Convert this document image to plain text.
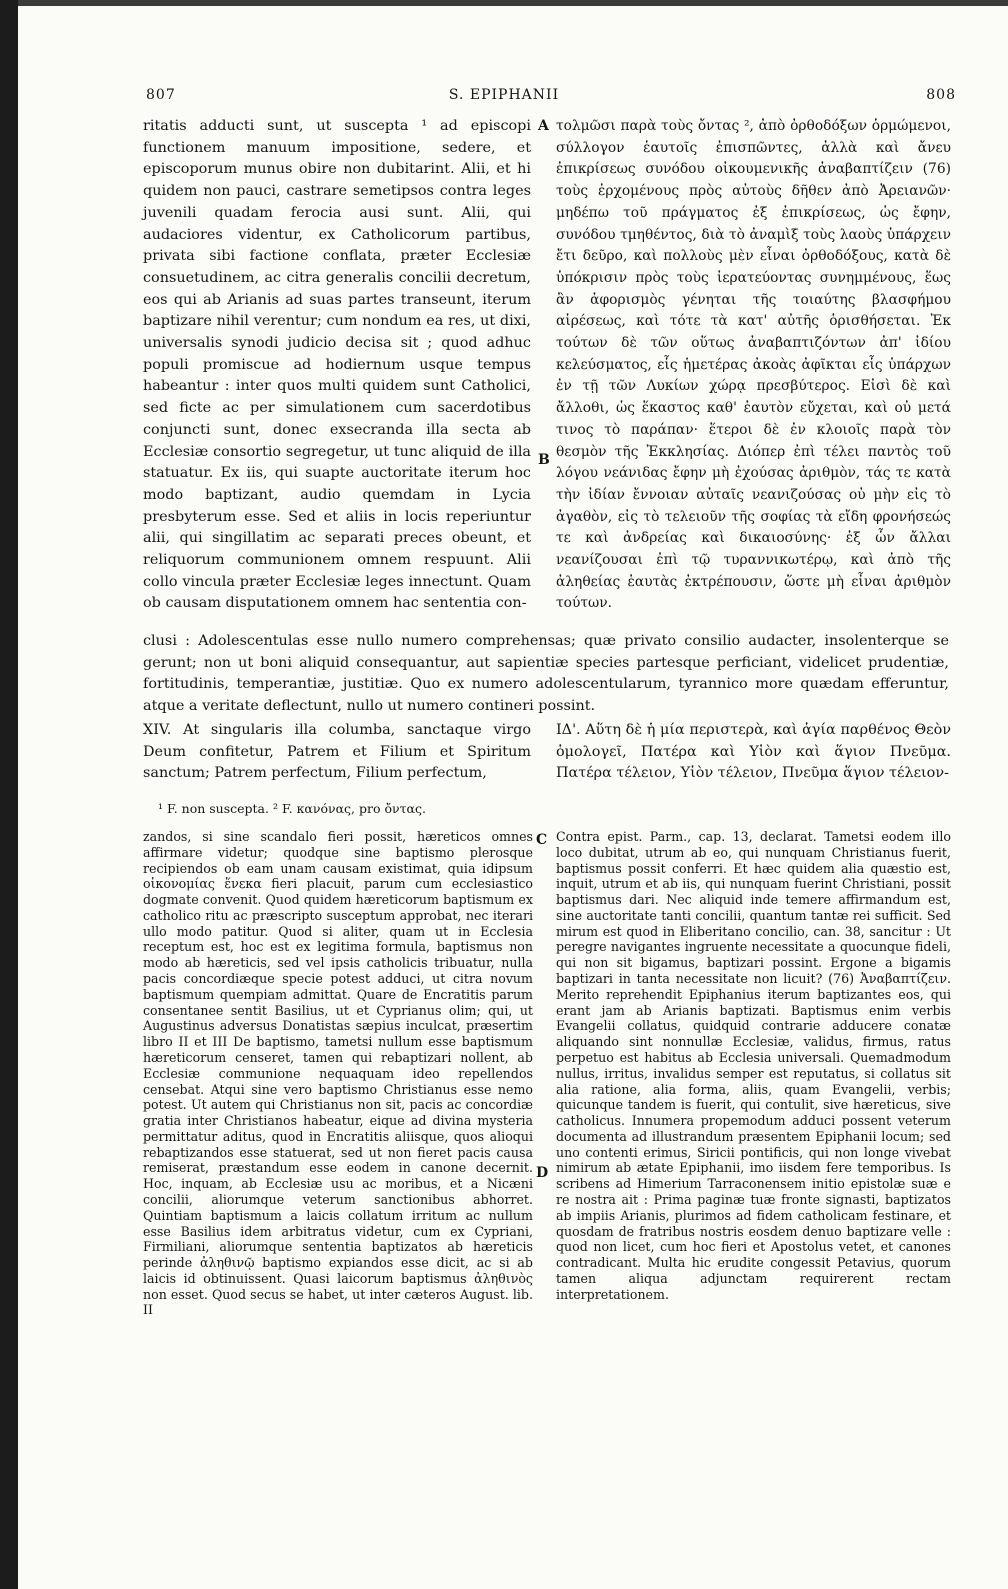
807	S. EPIPHANII	808
A
B
C
D

ritatis adducti sunt, ut suscepta ¹ ad episcopi functionem manuum impositione, sedere, et episcoporum munus obire non dubitarint. Alii, et hi quidem non pauci, castrare semetipsos contra leges juvenili quadam ferocia ausi sunt. Alii, qui audaciores videntur, ex Catholicorum partibus, privata sibi factione conflata, præter Ecclesiæ consuetudinem, ac citra generalis concilii decretum, eos qui ab Arianis ad suas partes transeunt, iterum baptizare nihil verentur; cum nondum ea res, ut dixi, universalis synodi judicio decisa sit ; quod adhuc populi promiscue ad hodiernum usque tempus habeantur : inter quos multi quidem sunt Catholici, sed ficte ac per simulationem cum sacerdotibus conjuncti sunt, donec exsecranda illa secta ab Ecclesiæ consortio segregetur, ut tunc aliquid de illa statuatur. Ex iis, qui suapte auctoritate iterum hoc modo baptizant, audio quemdam in Lycia presbyterum esse. Sed et aliis in locis reperiuntur alii, qui singillatim ac separati preces obeunt, et reliquorum communionem omnem respuunt. Alii collo vincula præter Ecclesiæ leges innectunt. Quam ob causam disputationem omnem hac sententia con-

τολμῶσι παρὰ τοὺς ὄντας ², ἀπὸ ὀρθοδόξων ὁρμώμενοι, σύλλογον ἑαυτοῖς ἐπισπῶντες, ἀλλὰ καὶ ἄνευ ἐπικρίσεως συνόδου οἰκουμενικῆς ἀναβαπτίζειν (76) τοὺς ἐρχομένους πρὸς αὐτοὺς δῆθεν ἀπὸ Ἀρειανῶν· μηδέπω τοῦ πράγματος ἐξ ἐπικρίσεως, ὡς ἔφην, συνόδου τμηθέντος, διὰ τὸ ἀναμὶξ τοὺς λαοὺς ὑπάρχειν ἔτι δεῦρο, καὶ πολλοὺς μὲν εἶναι ὀρθοδόξους, κατὰ δὲ ὑπόκρισιν πρὸς τοὺς ἱερατεύοντας συνημμένους, ἕως ἂν ἀφορισμὸς γένηται τῆς τοιαύτης βλασφήμου αἱρέσεως, καὶ τότε τὰ κατ' αὐτῆς ὁρισθήσεται. Ἐκ τούτων δὲ τῶν οὕτως ἀναβαπτιζόντων ἀπ' ἰδίου κελεύσματος, εἷς ἡμετέρας ἀκοὰς ἀφῖκται εἷς ὑπάρχων ἐν τῇ τῶν Λυκίων χώρᾳ πρεσβύτερος. Εἰσὶ δὲ καὶ ἄλλοθι, ὡς ἕκαστος καθ' ἑαυτὸν εὔχεται, καὶ οὐ μετά τινος τὸ παράπαν· ἕτεροι δὲ ἐν κλοιοῖς παρὰ τὸν θεσμὸν τῆς Ἐκκλησίας. Διόπερ ἐπὶ τέλει παντὸς τοῦ λόγου νεάνιδας ἔφην μὴ ἐχούσας ἀριθμὸν, τάς τε κατὰ τὴν ἰδίαν ἔννοιαν αὐταῖς νεανιζούσας οὐ μὴν εἰς τὸ ἀγαθὸν, εἰς τὸ τελειοῦν τῆς σοφίας τὰ εἴδη φρονήσεώς τε καὶ ἀνδρείας καὶ δικαιοσύνης· ἐξ ὧν ἄλλαι νεανίζουσαι ἐπὶ τῷ τυραννικωτέρῳ, καὶ ἀπὸ τῆς ἀληθείας ἑαυτὰς ἐκτρέπουσιν, ὥστε μὴ εἶναι ἀριθμὸν τούτων.

clusi : Adolescentulas esse nullo numero comprehensas; quæ privato consilio audacter, insolenterque se gerunt; non ut boni aliquid consequantur, aut sapientiæ species partesque perficiant, videlicet prudentiæ, fortitudinis, temperantiæ, justitiæ. Quo ex numero adolescentularum, tyrannico more quædam efferuntur, atque a veritate deflectunt, nullo ut numero contineri possint.

XIV. At singularis illa columba, sanctaque virgo Deum confitetur, Patrem et Filium et Spiritum sanctum; Patrem perfectum, Filium perfectum,

ΙΔ'. Αὕτη δὲ ἡ μία περιστερὰ, καὶ ἁγία παρθένος Θεὸν ὁμολογεῖ, Πατέρα καὶ Υἱὸν καὶ ἅγιον Πνεῦμα. Πατέρα τέλειον, Υἱὸν τέλειον, Πνεῦμα ἅγιον τέλειον-

¹ F. non suscepta. ² F. κανόνας, pro ὄντας.

zandos, si sine scandalo fieri possit, hæreticos omnes affirmare videtur; quodque sine baptismo plerosque recipiendos ob eam unam causam existimat, quia idipsum οἰκονομίας ἕνεκα fieri placuit, parum cum ecclesiastico dogmate convenit. Quod quidem hæreticorum baptismum ex catholico ritu ac præscripto susceptum approbat, nec iterari ullo modo patitur. Quod si aliter, quam ut in Ecclesia receptum est, hoc est ex legitima formula, baptismus non modo ab hæreticis, sed vel ipsis catholicis tribuatur, nulla pacis concordiæque specie potest adduci, ut citra novum baptismum quempiam admittat. Quare de Encratitis parum consentanee sentit Basilius, ut et Cyprianus olim; qui, ut Augustinus adversus Donatistas sæpius inculcat, præsertim libro II et III De baptismo, tametsi nullum esse baptismum hæreticorum censeret, tamen qui rebaptizari nollent, ab Ecclesiæ communione nequaquam ideo repellendos censebat. Atqui sine vero baptismo Christianus esse nemo potest. Ut autem qui Christianus non sit, pacis ac concordiæ gratia inter Christianos habeatur, eique ad divina mysteria permittatur aditus, quod in Encratitis aliisque, quos alioqui rebaptizandos esse statuerat, sed ut non fieret pacis causa remiserat, præstandum esse eodem in canone decernit. Hoc, inquam, ab Ecclesiæ usu ac moribus, et a Nicæni concilii, aliorumque veterum sanctionibus abhorret. Quintiam baptismum a laicis collatum irritum ac nullum esse Basilius idem arbitratus videtur, cum ex Cypriani, Firmiliani, aliorumque sententia baptizatos ab hæreticis perinde ἀληθινῷ baptismo expiandos esse dicit, ac si ab laicis id obtinuissent. Quasi laicorum baptismus ἀληθινὸς non esset. Quod secus se habet, ut inter cæteros August. lib. II

Contra epist. Parm., cap. 13, declarat. Tametsi eodem illo loco dubitat, utrum ab eo, qui nunquam Christianus fuerit, baptismus possit conferri. Et hæc quidem alia quæstio est, inquit, utrum et ab iis, qui nunquam fuerint Christiani, possit baptismus dari. Nec aliquid inde temere affirmandum est, sine auctoritate tanti concilii, quantum tantæ rei sufficit. Sed mirum est quod in Eliberitano concilio, can. 38, sancitur : Ut peregre navigantes ingruente necessitate a quocunque fideli, qui non sit bigamus, baptizari possint. Ergone a bigamis baptizari in tanta necessitate non licuit? (76) Ἀναβαπτίζειν. Merito reprehendit Epiphanius iterum baptizantes eos, qui erant jam ab Arianis baptizati. Baptismus enim verbis Evangelii collatus, quidquid contrarie adducere conatæ aliquando sint nonnullæ Ecclesiæ, validus, firmus, ratus perpetuo est habitus ab Ecclesia universali. Quemadmodum nullus, irritus, invalidus semper est reputatus, si collatus sit alia ratione, alia forma, aliis, quam Evangelii, verbis; quicunque tandem is fuerit, qui contulit, sive hæreticus, sive catholicus. Innumera propemodum adduci possent veterum documenta ad illustrandum præsentem Epiphanii locum; sed uno contenti erimus, Siricii pontificis, qui non longe vivebat nimirum ab ætate Epiphanii, imo iisdem fere temporibus. Is scribens ad Himerium Tarraconensem initio epistolæ suæ e re nostra ait : Prima paginæ tuæ fronte signasti, baptizatos ab impiis Arianis, plurimos ad fidem catholicam festinare, et quosdam de fratribus nostris eosdem denuo baptizare velle : quod non licet, cum hoc fieri et Apostolus vetet, et canones contradicant. Multa hic erudite congessit Petavius, quorum tamen aliqua adjunctam requirerent rectam interpretationem.
